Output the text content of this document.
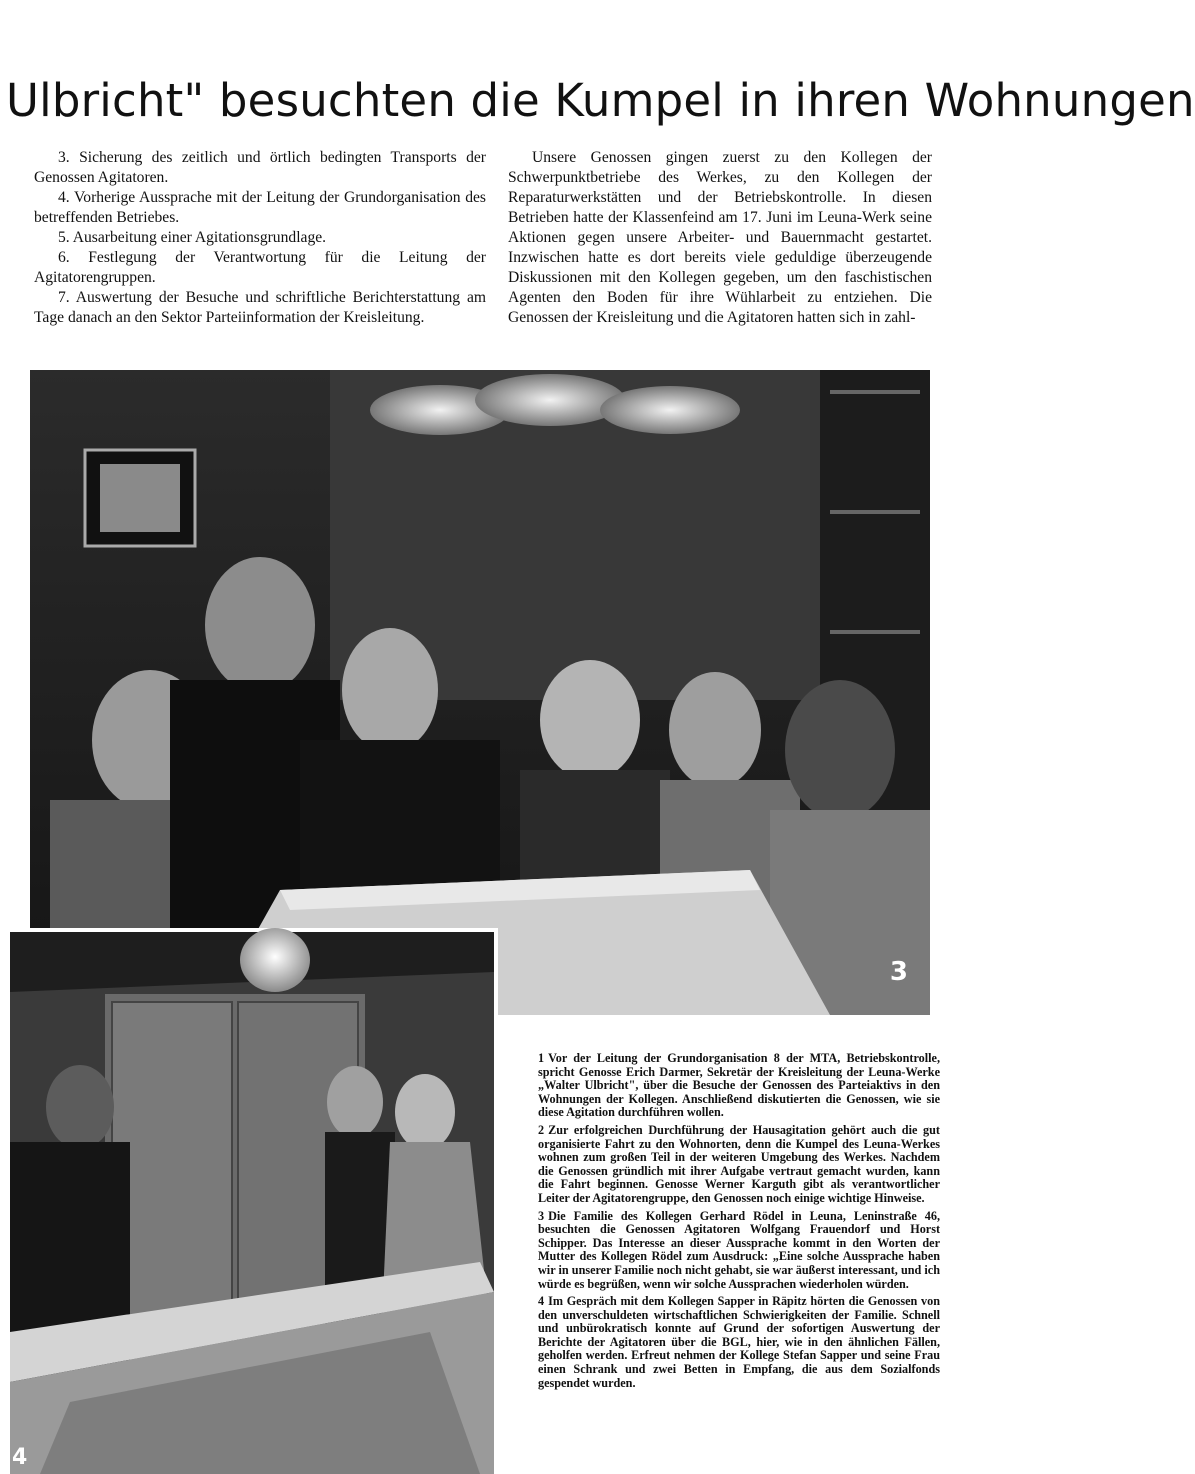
Ulbricht" besuchten die Kumpel in ihren Wohnungen

3. Sicherung des zeitlich und örtlich bedingten Transports der Genossen Agitatoren.

4. Vorherige Aussprache mit der Leitung der Grundorganisation des betreffenden Betriebes.

5. Ausarbeitung einer Agitationsgrundlage.

6. Festlegung der Verantwortung für die Leitung der Agitatorengruppen.

7. Auswertung der Besuche und schriftliche Berichterstattung am Tage danach an den Sektor Parteiinformation der Kreisleitung.

Unsere Genossen gingen zuerst zu den Kollegen der Schwerpunktbetriebe des Werkes, zu den Kollegen der Reparaturwerkstätten und der Betriebskontrolle. In diesen Betrieben hatte der Klassenfeind am 17. Juni im Leuna-Werk seine Aktionen gegen unsere Arbeiter- und Bauernmacht gestartet. Inzwischen hatte es dort bereits viele geduldige überzeugende Diskussionen mit den Kollegen gegeben, um den faschistischen Agenten den Boden für ihre Wühlarbeit zu entziehen. Die Genossen der Kreisleitung und die Agitatoren hatten sich in zahl-

3
4

1 Vor der Leitung der Grundorganisation 8 der MTA, Betriebskontrolle, spricht Genosse Erich Darmer, Sekretär der Kreisleitung der Leuna-Werke „Walter Ulbricht", über die Besuche der Genossen des Parteiaktivs in den Wohnungen der Kollegen. Anschließend diskutierten die Genossen, wie sie diese Agitation durchführen wollen.

2 Zur erfolgreichen Durchführung der Hausagitation gehört auch die gut organisierte Fahrt zu den Wohnorten, denn die Kumpel des Leuna-Werkes wohnen zum großen Teil in der weiteren Umgebung des Werkes. Nachdem die Genossen gründlich mit ihrer Aufgabe vertraut gemacht wurden, kann die Fahrt beginnen. Genosse Werner Karguth gibt als verantwortlicher Leiter der Agitatorengruppe, den Genossen noch einige wichtige Hinweise.

3 Die Familie des Kollegen Gerhard Rödel in Leuna, Leninstraße 46, besuchten die Genossen Agitatoren Wolfgang Frauendorf und Horst Schipper. Das Interesse an dieser Aussprache kommt in den Worten der Mutter des Kollegen Rödel zum Ausdruck: „Eine solche Aussprache haben wir in unserer Familie noch nicht gehabt, sie war äußerst interessant, und ich würde es begrüßen, wenn wir solche Aussprachen wiederholen würden.

4 Im Gespräch mit dem Kollegen Sapper in Räpitz hörten die Genossen von den unverschuldeten wirtschaftlichen Schwierigkeiten der Familie. Schnell und unbürokratisch konnte auf Grund der sofortigen Auswertung der Berichte der Agitatoren über die BGL, hier, wie in den ähnlichen Fällen, geholfen werden. Erfreut nehmen der Kollege Stefan Sapper und seine Frau einen Schrank und zwei Betten in Empfang, die aus dem Sozialfonds gespendet wurden.
